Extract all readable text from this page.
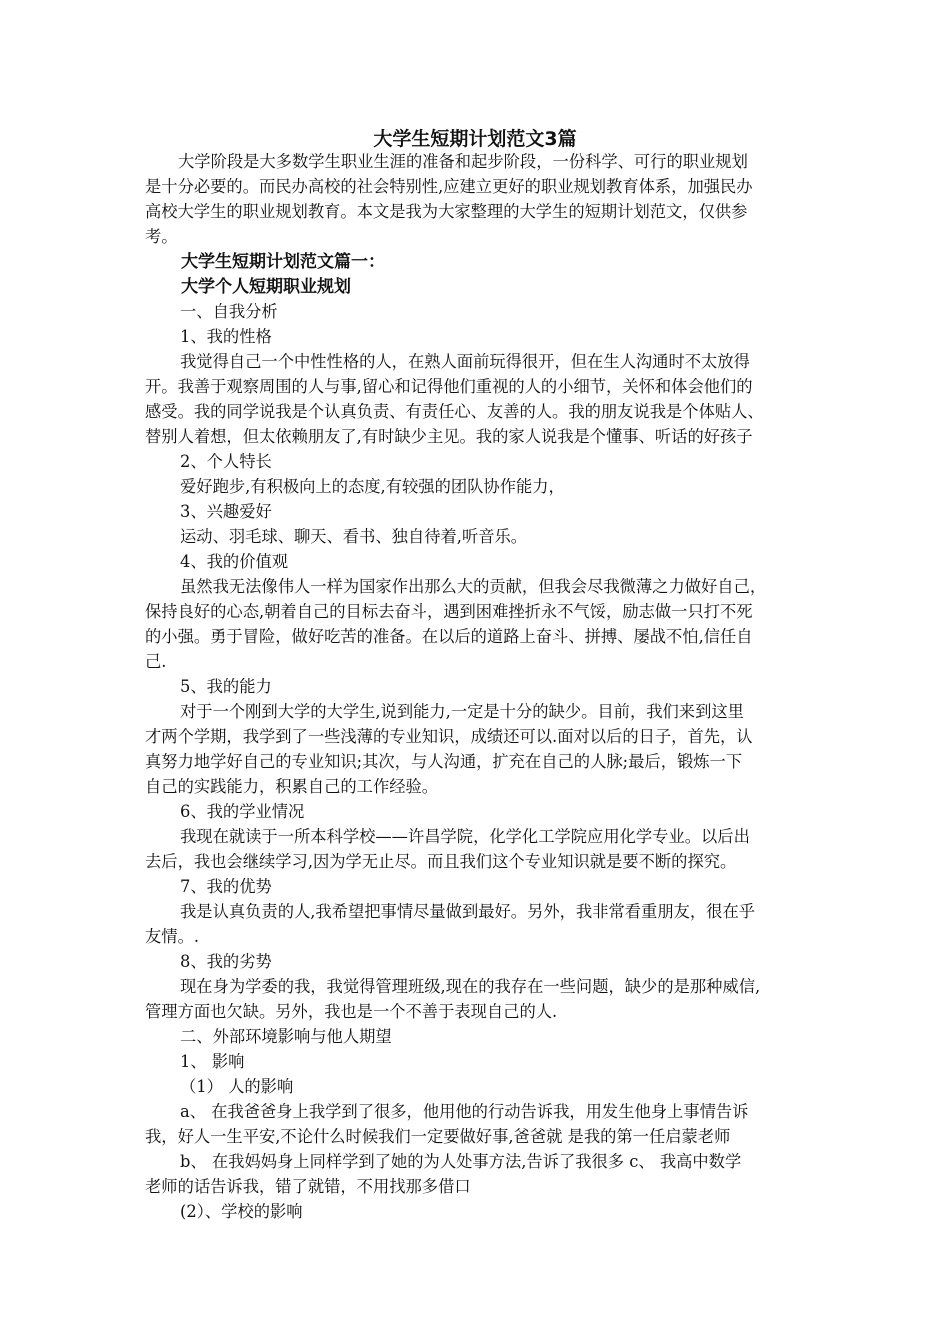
大学生短期计划范文3篇
大学阶段是大多数学生职业生涯的准备和起步阶段，一份科学、可行的职业规划
是十分必要的。而民办高校的社会特别性,应建立更好的职业规划教育体系，加强民办
高校大学生的职业规划教育。本文是我为大家整理的大学生的短期计划范文，仅供参
考。
大学生短期计划范文篇一：
大学个人短期职业规划
一、自我分析
1、我的性格
我觉得自己一个中性性格的人，在熟人面前玩得很开，但在生人沟通时不太放得
开。我善于观察周围的人与事,留心和记得他们重视的人的小细节，关怀和体会他们的
感受。我的同学说我是个认真负责、有责任心、友善的人。我的朋友说我是个体贴人、
替别人着想，但太依赖朋友了,有时缺少主见。我的家人说我是个懂事、听话的好孩子
2、个人特长
爱好跑步,有积极向上的态度,有较强的团队协作能力，
3、兴趣爱好
运动、羽毛球、聊天、看书、独自待着,听音乐。
4、我的价值观
虽然我无法像伟人一样为国家作出那么大的贡献，但我会尽我微薄之力做好自己，
保持良好的心态,朝着自己的目标去奋斗，遇到困难挫折永不气馁，励志做一只打不死
的小强。勇于冒险，做好吃苦的准备。在以后的道路上奋斗、拼搏、屡战不怕,信任自
己.
5、我的能力
对于一个刚到大学的大学生,说到能力,一定是十分的缺少。目前，我们来到这里
才两个学期，我学到了一些浅薄的专业知识，成绩还可以.面对以后的日子，首先，认
真努力地学好自己的专业知识;其次，与人沟通，扩充在自己的人脉;最后，锻炼一下
自己的实践能力，积累自己的工作经验。
6、我的学业情况
我现在就读于一所本科学校——许昌学院，化学化工学院应用化学专业。以后出
去后，我也会继续学习,因为学无止尽。而且我们这个专业知识就是要不断的探究。
7、我的优势
我是认真负责的人,我希望把事情尽量做到最好。另外，我非常看重朋友，很在乎
友情。.
8、我的劣势
现在身为学委的我，我觉得管理班级,现在的我存在一些问题，缺少的是那种威信,
管理方面也欠缺。另外，我也是一个不善于表现自己的人.
二、外部环境影响与他人期望
1、 影响
（1） 人的影响
a、 在我爸爸身上我学到了很多，他用他的行动告诉我，用发生他身上事情告诉
我，好人一生平安,不论什么时候我们一定要做好事,爸爸就 是我的第一任启蒙老师
b、 在我妈妈身上同样学到了她的为人处事方法,告诉了我很多 c、 我高中数学
老师的话告诉我，错了就错，不用找那多借口
(2）、学校的影响
